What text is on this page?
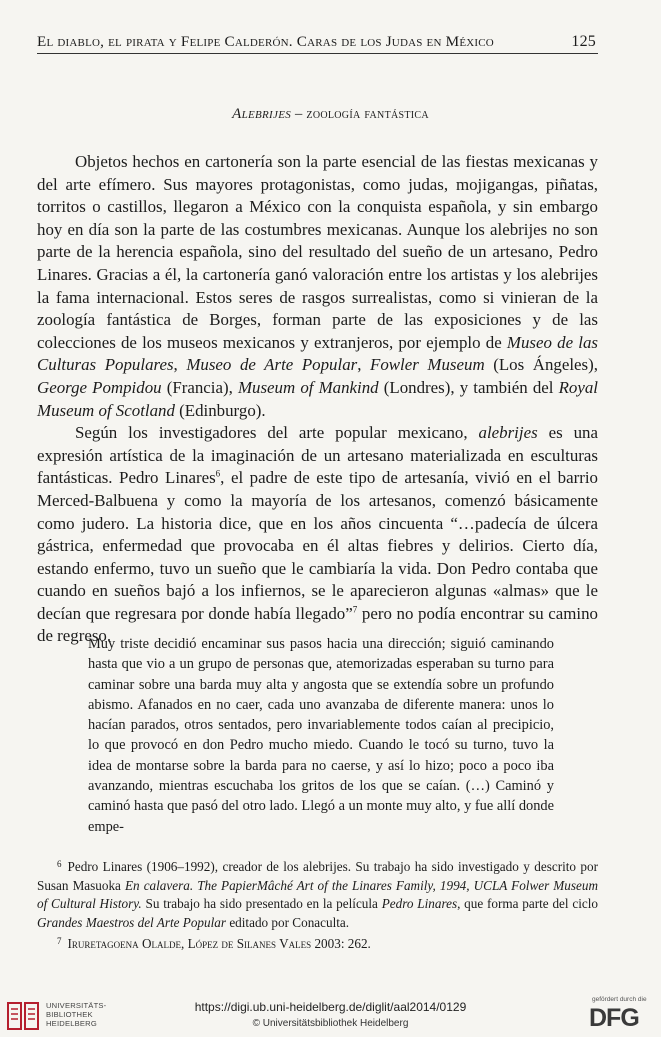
El diablo, el pirata y Felipe Calderón. Caras de los Judas en México	125
Alebrijes – zoología fantástica

Objetos hechos en cartonería son la parte esencial de las fiestas mexicanas y del arte efímero. Sus mayores protagonistas, como judas, mojigangas, piñatas, torritos o castillos, llegaron a México con la conquista española, y sin embargo hoy en día son la parte de las costumbres mexicanas. Aunque los alebrijes no son parte de la herencia española, sino del resultado del sueño de un artesano, Pedro Linares. Gracias a él, la cartonería ganó valoración entre los artistas y los alebrijes la fama internacional. Estos seres de rasgos surrealistas, como si vinieran de la zoología fantástica de Borges, forman parte de las exposiciones y de las colecciones de los museos mexicanos y extranjeros, por ejemplo de Museo de las Culturas Populares, Museo de Arte Popular, Fowler Museum (Los Ángeles), George Pompidou (Francia), Museum of Mankind (Londres), y también del Royal Museum of Scotland (Edinburgo).

Según los investigadores del arte popular mexicano, alebrijes es una expresión artística de la imaginación de un artesano materializada en esculturas fantásticas. Pedro Linares$^6$, el padre de este tipo de artesanía, vivió en el barrio Merced-Balbuena y como la mayoría de los artesanos, comenzó básicamente como judero. La historia dice, que en los años cincuenta “…padecía de úlcera gástrica, enfermedad que provocaba en él altas fiebres y delirios. Cierto día, estando enfermo, tuvo un sueño que le cambiaría la vida. Don Pedro contaba que cuando en sueños bajó a los infiernos, se le aparecieron algunas «almas» que le decían que regresara por donde había llegado”$^7$ pero no podía encontrar su camino de regreso.

Muy triste decidió encaminar sus pasos hacia una dirección; siguió caminando hasta que vio a un grupo de personas que, atemorizadas esperaban su turno para caminar sobre una barda muy alta y angosta que se extendía sobre un profundo abismo. Afanados en no caer, cada uno avanzaba de diferente manera: unos lo hacían parados, otros sentados, pero invariablemente todos caían al precipicio, lo que provocó en don Pedro mucho miedo. Cuando le tocó su turno, tuvo la idea de montarse sobre la barda para no caerse, y así lo hizo; poco a poco iba avanzando, mientras escuchaba los gritos de los que se caían. (…) Caminó y caminó hasta que pasó del otro lado. Llegó a un monte muy alto, y fue allí donde empe-

$^6$ Pedro Linares (1906–1992), creador de los alebrijes. Su trabajo ha sido investigado y descrito por Susan Masuoka En calavera. The PapierMâché Art of the Linares Family, 1994, UCLA Folwer Museum of Cultural History. Su trabajo ha sido presentado en la película Pedro Linares, que forma parte del ciclo Grandes Maestros del Arte Popular editado por Conaculta.

$^7$ Iruretagoena Olalde, López de Silanes Vales 2003: 262.

UNIVERSITÄTS-
BIBLIOTHEK
HEIDELBERG
https://digi.ub.uni-heidelberg.de/diglit/aal2014/0129
© Universitätsbibliothek Heidelberg
gefördert durch die
DFG
